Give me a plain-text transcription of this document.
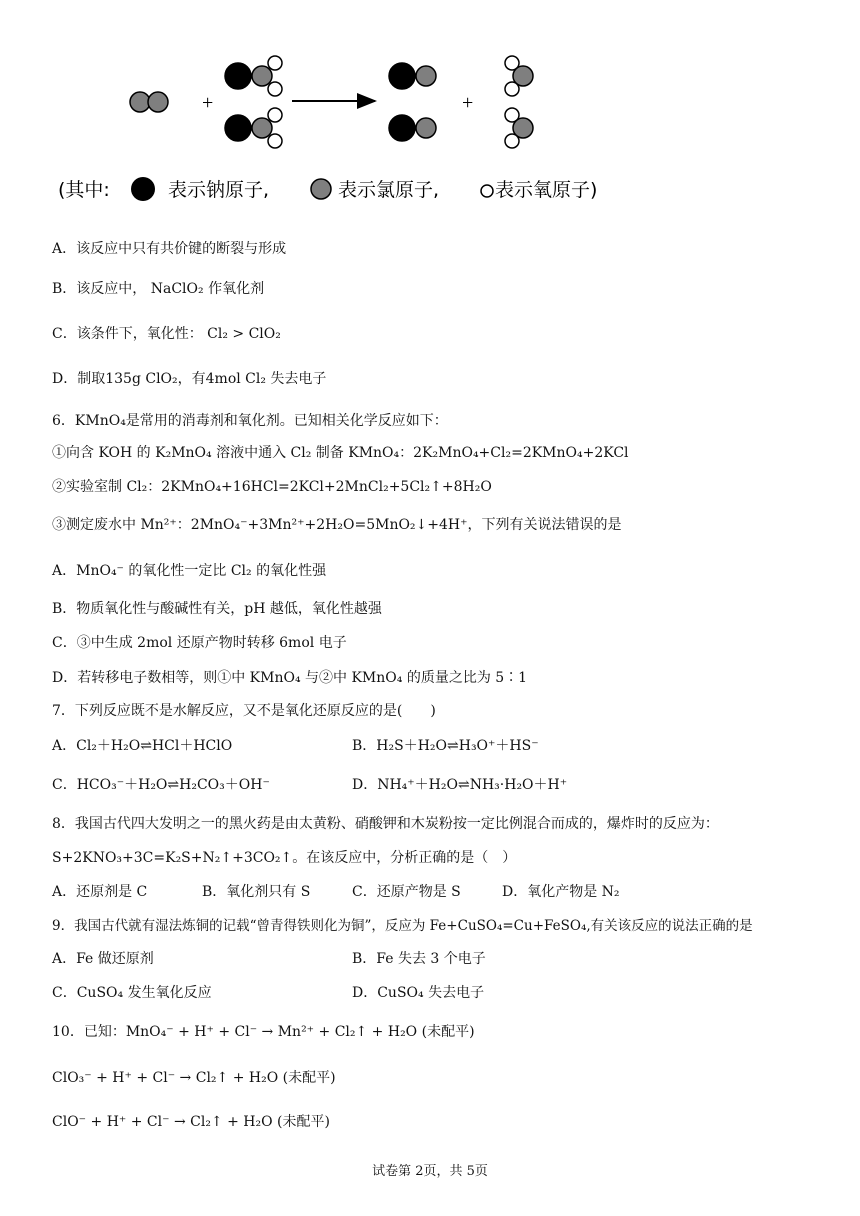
+	+
(其中:	表示钠原子,	表示氯原子,	表示氧原子)
A．该反应中只有共价键的断裂与形成
B．该反应中， NaClO₂ 作氧化剂
C．该条件下，氧化性： Cl₂ > ClO₂
D．制取135g ClO₂，有4mol Cl₂ 失去电子
6．KMnO₄是常用的消毒剂和氧化剂。已知相关化学反应如下：
①向含 KOH 的 K₂MnO₄ 溶液中通入 Cl₂ 制备 KMnO₄：2K₂MnO₄+Cl₂=2KMnO₄+2KCl
②实验室制 Cl₂：2KMnO₄+16HCl=2KCl+2MnCl₂+5Cl₂↑+8H₂O
③测定废水中 Mn²⁺：2MnO₄⁻+3Mn²⁺+2H₂O=5MnO₂↓+4H⁺，下列有关说法错误的是
A．MnO₄⁻ 的氧化性一定比 Cl₂ 的氧化性强
B．物质氧化性与酸碱性有关，pH 越低，氧化性越强
C．③中生成 2mol 还原产物时转移 6mol 电子
D．若转移电子数相等，则①中 KMnO₄ 与②中 KMnO₄ 的质量之比为 5∶1
7．下列反应既不是水解反应，又不是氧化还原反应的是(　　)
A．Cl₂＋H₂O⇌HCl＋HClO	B．H₂S＋H₂O⇌H₃O⁺＋HS⁻
C．HCO₃⁻＋H₂O⇌H₂CO₃＋OH⁻	D．NH₄⁺＋H₂O⇌NH₃·H₂O＋H⁺
8．我国古代四大发明之一的黑火药是由太黄粉、硝酸钾和木炭粉按一定比例混合而成的，爆炸时的反应为：
S+2KNO₃+3C=K₂S+N₂↑+3CO₂↑。在该反应中，分析正确的是（　）
A．还原剂是 C	B．氧化剂只有 S	C．还原产物是 S	D．氧化产物是 N₂
9．我国古代就有湿法炼铜的记载“曾青得铁则化为铜”，反应为 Fe+CuSO₄=Cu+FeSO₄,有关该反应的说法正确的是
A．Fe 做还原剂	B．Fe 失去 3 个电子
C．CuSO₄ 发生氧化反应	D．CuSO₄ 失去电子
10．已知：MnO₄⁻ + H⁺ + Cl⁻ → Mn²⁺ + Cl₂↑ + H₂O (未配平)
ClO₃⁻ + H⁺ + Cl⁻ → Cl₂↑ + H₂O (未配平)
ClO⁻ + H⁺ + Cl⁻ → Cl₂↑ + H₂O (未配平)
试卷第 2页，共 5页
